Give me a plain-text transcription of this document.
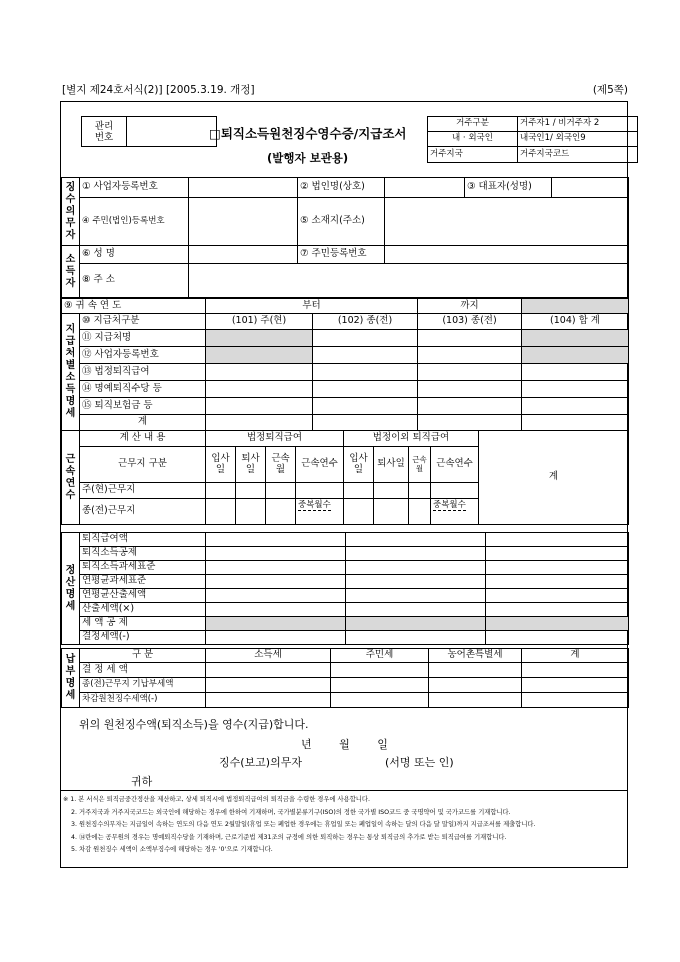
[별지 제24호서식(2)] [2005.3.19. 개정]	(제5쪽)
관리
번호		□퇴직소득원천징수영수증/지급조서
(발행자 보관용)
거주구분	거주자1 / 비거주자 2
내 · 외국인	내국인1/ 외국인9
거주지국	거주지국코드
징수의무자	① 사업자등록번호		② 법인명(상호)		③ 대표자(성명)	
	④ 주민(법인)등록번호		⑤ 소재지(주소)			

소득자	⑥ 성 명		⑦ 주민등록번호			
	⑧ 주 소					
⑨ 귀 속 연 도		부터		까지	
지급처별소득명세	⑩ 지급처구분	(101) 주(현)	(102) 종(전)	(103) 종(전)	(104) 합 계
	⑪ 지급처명				
	⑫ 사업자등록번호				
	⑬ 법정퇴직급여				
	⑭ 명예퇴직수당 등				
	⑮ 퇴직보험금 등				
	계				
근속연수	계 산 내 용	법정퇴직급여				법정이외 퇴직급여				계
	근무지 구분	입사일	퇴사일	근속월	근속연수	입사일	퇴사일	근속월	근속연수	
	주(현)근무지									
	종(전)근무지				중복월수				중복월수	
정산명세	퇴직급여액			
	퇴직소득공제			
	퇴직소득과세표준			
	연평균과세표준			
	연평균산출세액			
	산출세액(×)			
	세 액 공 제			
	결정세액(-)			
납부명세	구 분	소득세	주민세	농어촌특별세	계
	결 정 세 액				
	종(전)근무지 기납부세액				
	차감원천징수세액(-)				
위의 원천징수액(퇴직소득)을 영수(지급)합니다.
년 월 일
징수(보고)의무자	(서명 또는 인)
귀하
※ 1. 본 서식은 퇴직금중간정산을 제산하고, 상세 퇴직시에 법정퇴직급여의 퇴직금을 수령한 경우에 사용합니다.
2. 거주지국과 거주지국코드는 외국인에 해당하는 경우에 한하여 기재하며, 국가별분류기구(ISO)의 정한 국가별 ISO코드 중 국명약어 및 국가코드를 기재합니다.
3. 원천징수의무자는 지급일이 속하는 연도의 다음 연도 2월말일(휴업 또는 폐업한 경우에는 휴업일 또는 폐업일이 속하는 달의 다음 달 말일)까지 지급조서를 제출합니다.
4. ⑭란에는 공무원의 경우는 명예퇴직수당을 기재하며, 근로기준법 제31조의 규정에 의한 퇴직하는 경우는 통상 퇴직금의 추가로 받는 퇴직급여를 기재합니다.
5. 차감 원천징수 세액이 소액부징수에 해당하는 경우 '0'으로 기재합니다.
